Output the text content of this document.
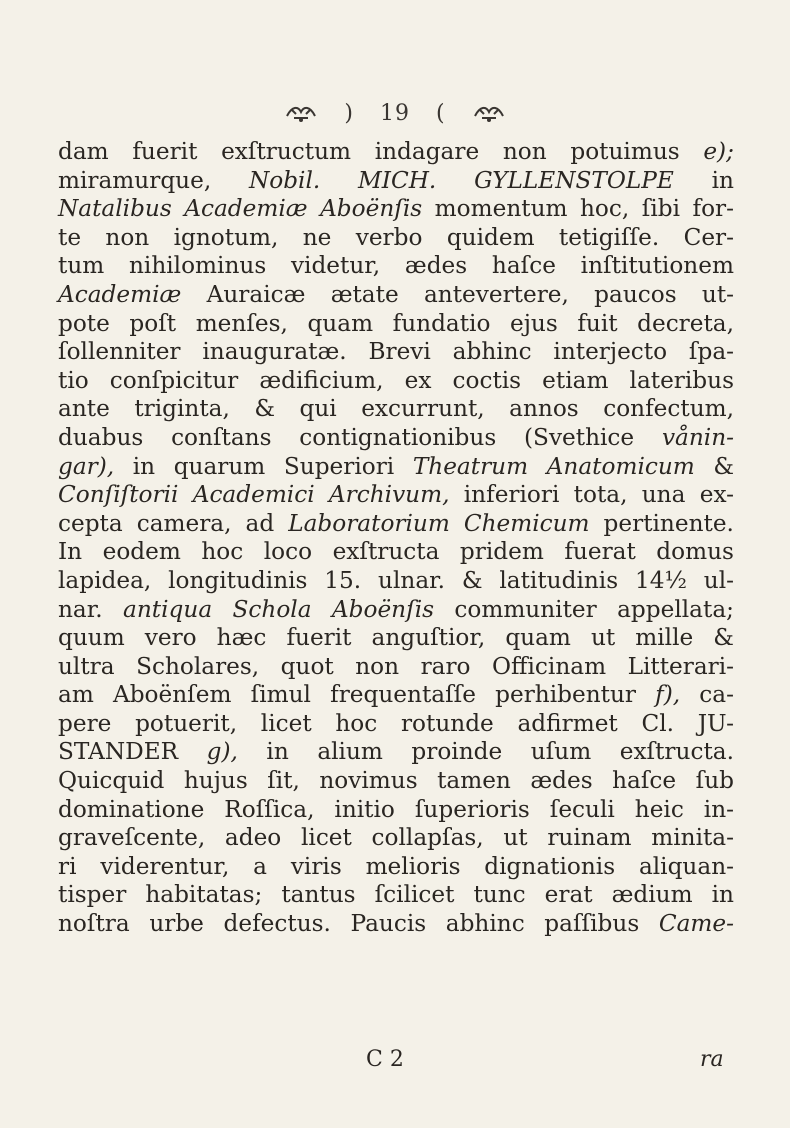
) 19 (
dam fuerit exſtructum indagare non potuimus e);
miramurque, Nobil. MICH. GYLLENSTOLPE in
Natalibus Academiæ Aboënſis momentum hoc, ſibi for-
te non ignotum, ne verbo quidem tetigiſſe. Cer-
tum nihilominus videtur, ædes haſce inſtitutionem
Academiæ Auraicæ ætate antevertere, paucos ut-
pote poſt menſes, quam fundatio ejus fuit decreta,
ſollenniter inauguratæ. Brevi abhinc interjecto ſpa-
tio conſpicitur ædificium, ex coctis etiam lateribus
ante triginta, & qui excurrunt, annos confectum,
duabus conſtans contignationibus (Svethice vånin-
gar), in quarum Superiori Theatrum Anatomicum &
Conſiſtorii Academici Archivum, inferiori tota, una ex-
cepta camera, ad Laboratorium Chemicum pertinente.
In eodem hoc loco exſtructa pridem fuerat domus
lapidea, longitudinis 15. ulnar. & latitudinis 14½ ul-
nar. antiqua Schola Aboënſis communiter appellata;
quum vero hæc fuerit anguſtior, quam ut mille &
ultra Scholares, quot non raro Officinam Litterari-
am Aboënſem ſimul frequentaſſe perhibentur f), ca-
pere potuerit, licet hoc rotunde adfirmet Cl. JU-
STANDER g), in alium proinde uſum exſtructa.
Quicquid hujus ſit, novimus tamen ædes haſce ſub
dominatione Roſſica, initio ſuperioris ſeculi heic in-
graveſcente, adeo licet collapſas, ut ruinam minita-
ri viderentur, a viris melioris dignationis aliquan-
tisper habitatas; tantus ſcilicet tunc erat ædium in
noſtra urbe defectus. Paucis abhinc paſſibus Came-
C 2	ra
